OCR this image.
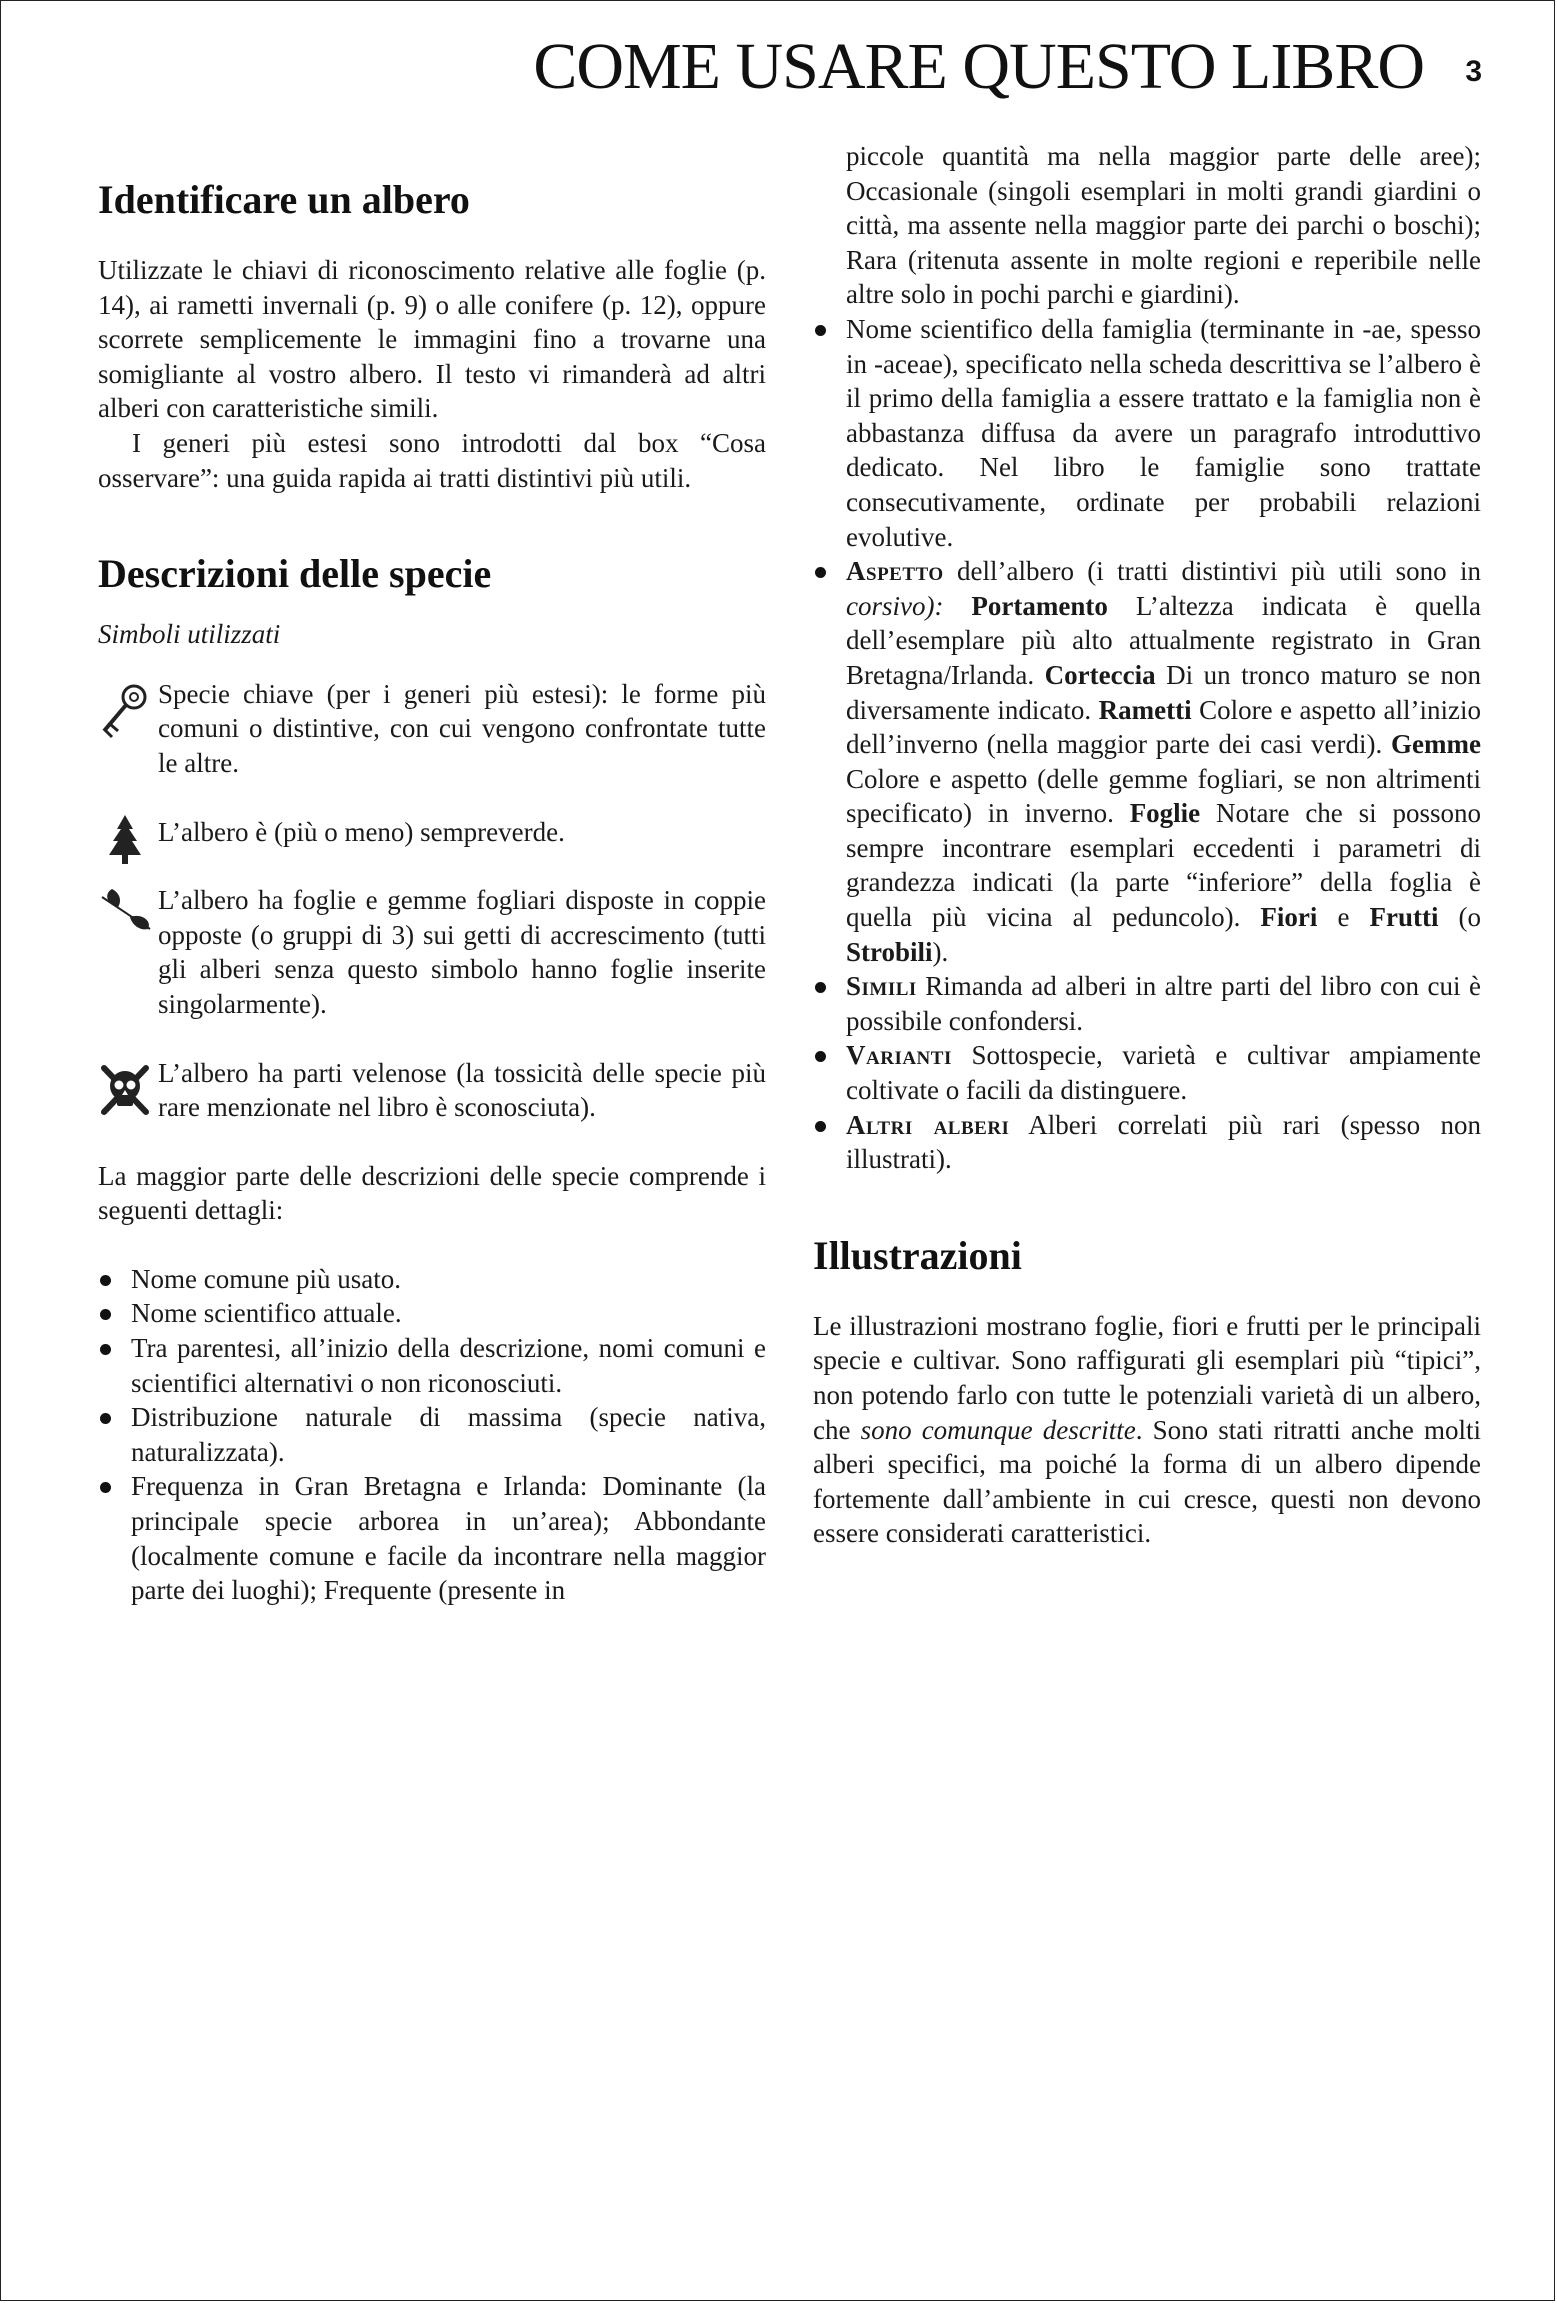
COME USARE QUESTO LIBRO 3
Identificare un albero

Utilizzate le chiavi di riconoscimento relative alle foglie (p. 14), ai rametti invernali (p. 9) o alle conifere (p. 12), oppure scorrete semplicemente le immagini fino a trovarne una somigliante al vostro albero. Il testo vi rimanderà ad altri alberi con caratteristiche simili.

I generi più estesi sono introdotti dal box “Cosa osservare”: una guida rapida ai tratti distintivi più utili.

Descrizioni delle specie

Simboli utilizzati

Specie chiave (per i generi più estesi): le forme più comuni o distintive, con cui vengono confrontate tutte le altre.
L’albero è (più o meno) sempreverde.
L’albero ha foglie e gemme fogliari disposte in coppie opposte (o gruppi di 3) sui getti di accrescimento (tutti gli alberi senza questo simbolo hanno foglie inserite singolarmente).
L’albero ha parti velenose (la tossicità delle specie più rare menzionate nel libro è sconosciuta).

La maggior parte delle descrizioni delle specie comprende i seguenti dettagli:

Nome comune più usato.
Nome scientifico attuale.
Tra parentesi, all’inizio della descrizione, nomi comuni e scientifici alternativi o non riconosciuti.
Distribuzione naturale di massima (specie nativa, naturalizzata).
Frequenza in Gran Bretagna e Irlanda: Dominante (la principale specie arborea in un’area); Abbondante (localmente comune e facile da incontrare nella maggior parte dei luoghi); Frequente (presente in
piccole quantità ma nella maggior parte delle aree); Occasionale (singoli esemplari in molti grandi giardini o città, ma assente nella maggior parte dei parchi o boschi); Rara (ritenuta assente in molte regioni e reperibile nelle altre solo in pochi parchi e giardini).
Nome scientifico della famiglia (terminante in -ae, spesso in -aceae), specificato nella scheda descrittiva se l’albero è il primo della famiglia a essere trattato e la famiglia non è abbastanza diffusa da avere un paragrafo introduttivo dedicato. Nel libro le famiglie sono trattate consecutivamente, ordinate per probabili relazioni evolutive.
Aspetto dell’albero (i tratti distintivi più utili sono in corsivo): Portamento L’altezza indicata è quella dell’esemplare più alto attualmente registrato in Gran Bretagna/Irlanda. Corteccia Di un tronco maturo se non diversamente indicato. Rametti Colore e aspetto all’inizio dell’inverno (nella maggior parte dei casi verdi). Gemme Colore e aspetto (delle gemme fogliari, se non altrimenti specificato) in inverno. Foglie Notare che si possono sempre incontrare esemplari eccedenti i parametri di grandezza indicati (la parte “inferiore” della foglia è quella più vicina al peduncolo). Fiori e Frutti (o Strobili).
Simili Rimanda ad alberi in altre parti del libro con cui è possibile confondersi.
Varianti Sottospecie, varietà e cultivar ampiamente coltivate o facili da distinguere.
Altri alberi Alberi correlati più rari (spesso non illustrati).
Illustrazioni

Le illustrazioni mostrano foglie, fiori e frutti per le principali specie e cultivar. Sono raffigurati gli esemplari più “tipici”, non potendo farlo con tutte le potenziali varietà di un albero, che sono comunque descritte. Sono stati ritratti anche molti alberi specifici, ma poiché la forma di un albero dipende fortemente dall’ambiente in cui cresce, questi non devono essere considerati caratteristici.
